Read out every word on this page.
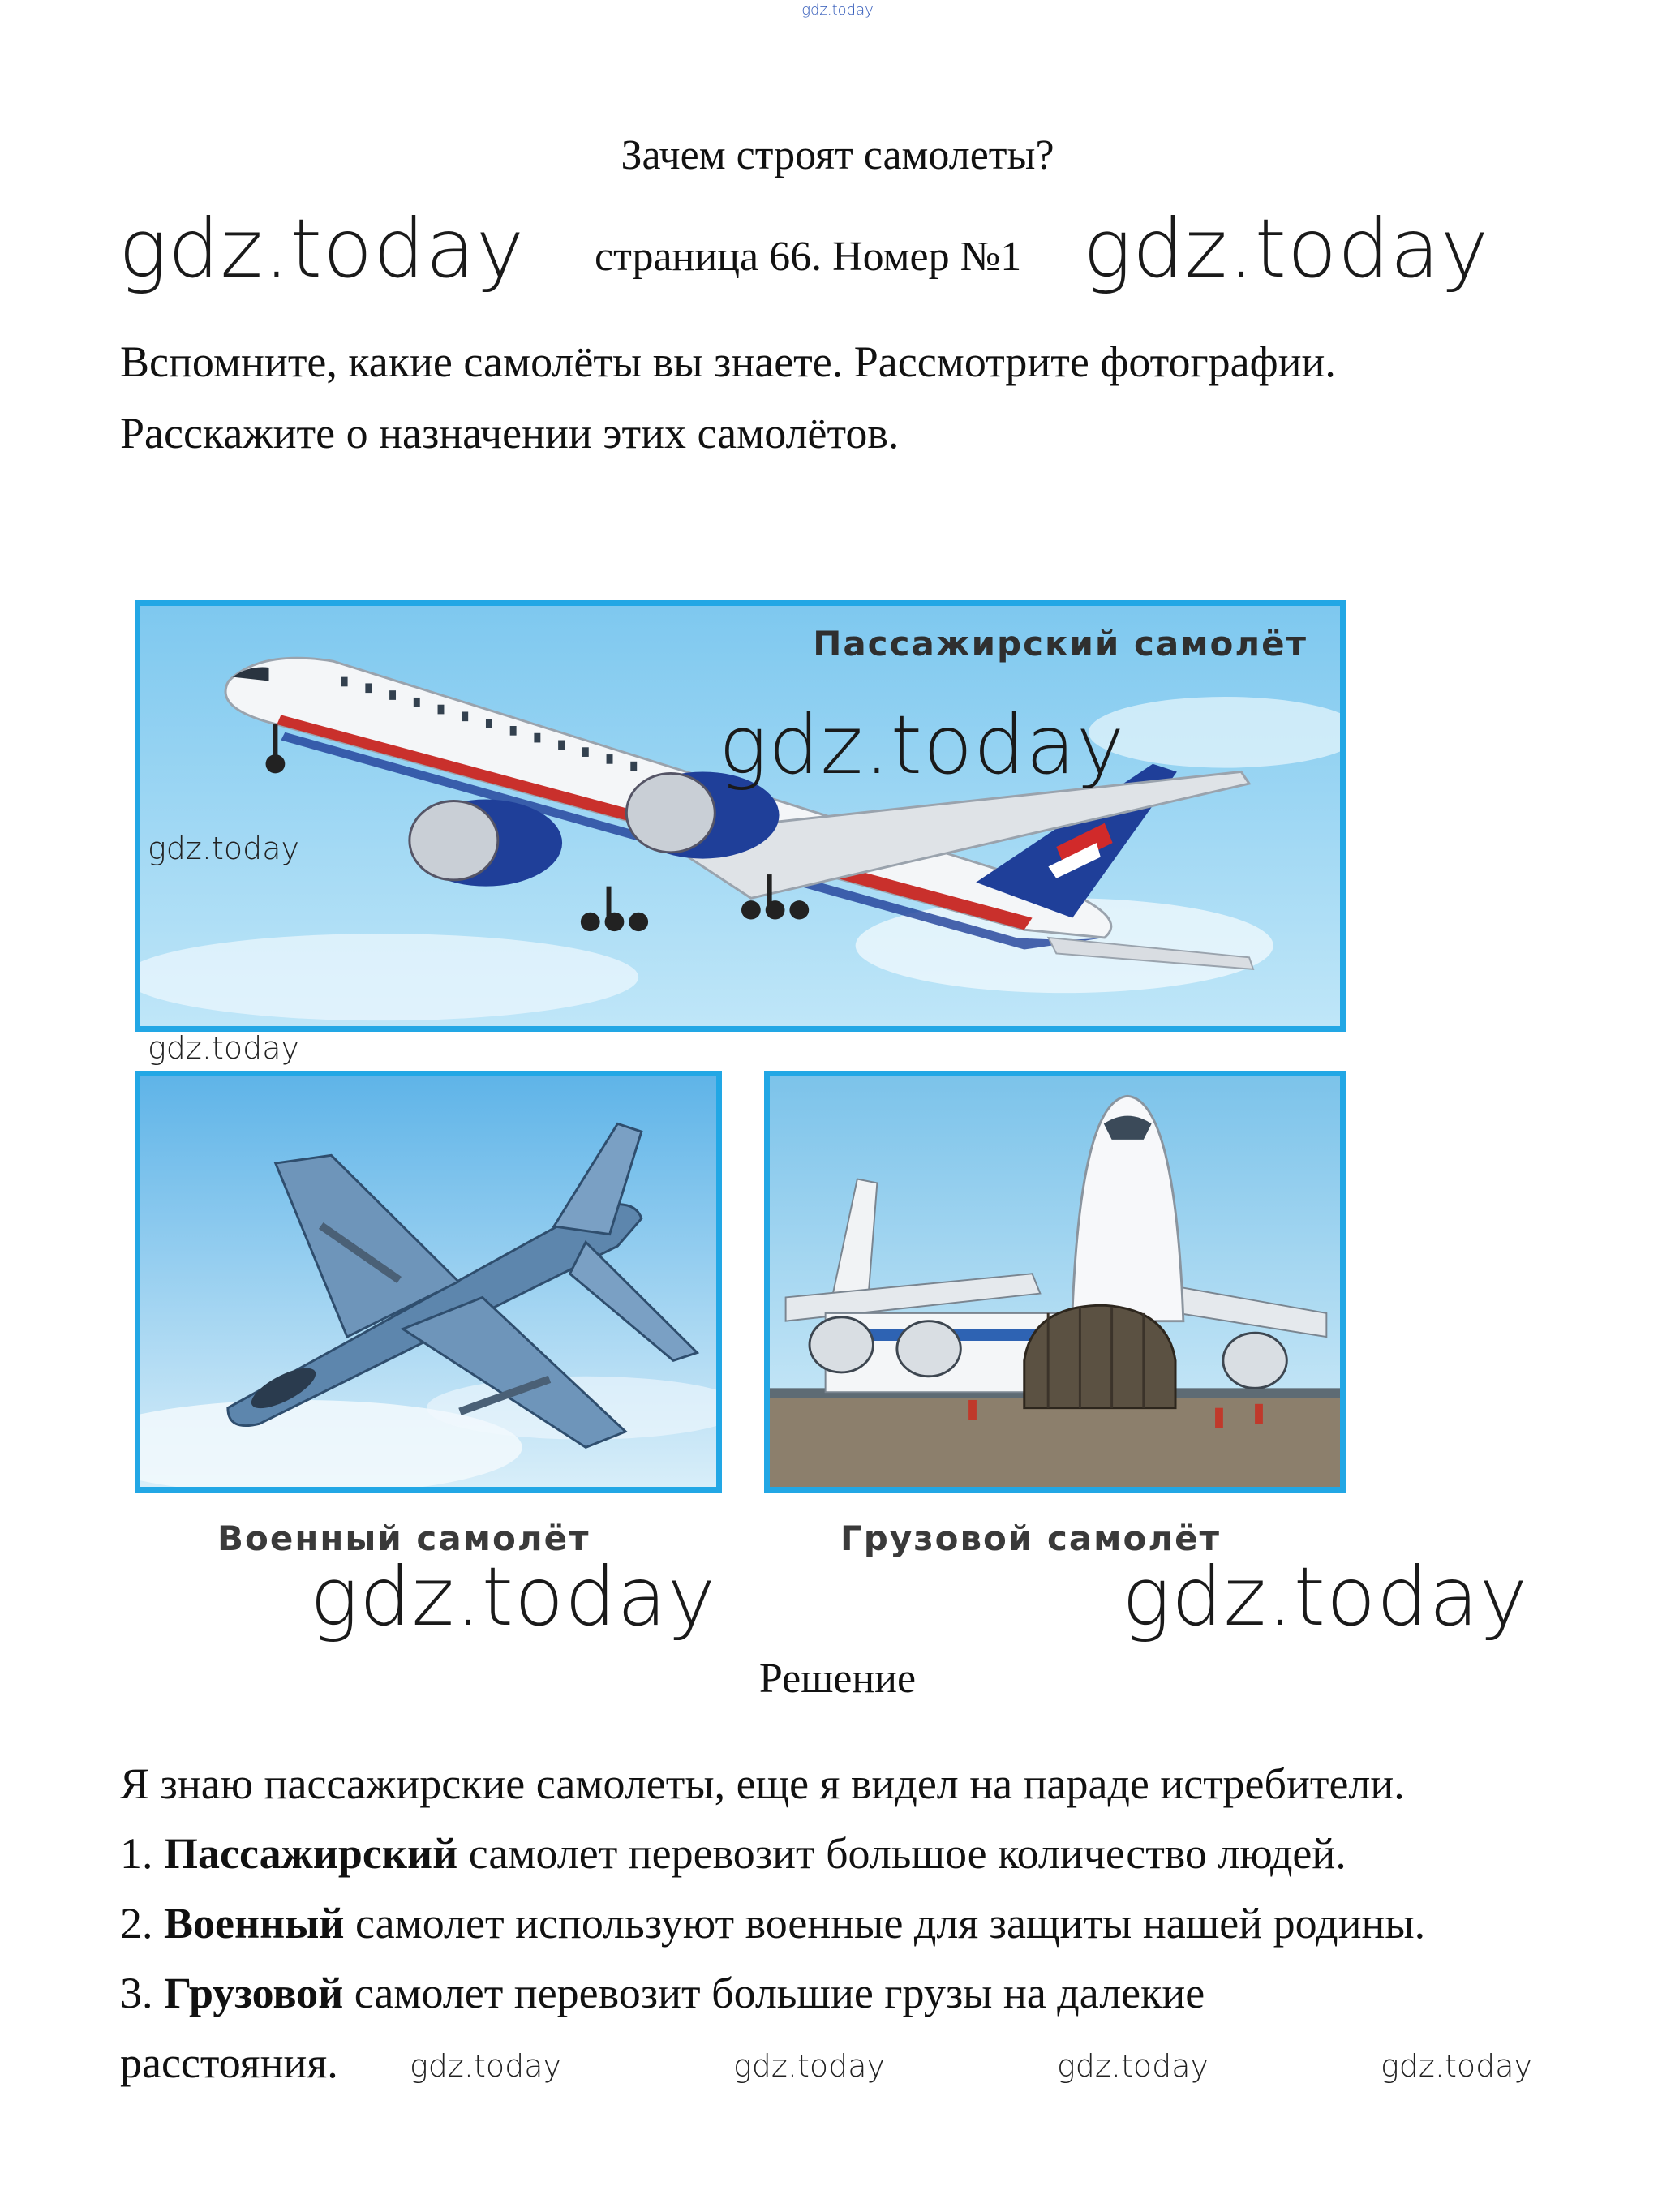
gdz.today
gdz.today	gdz.today
Зачем строят самолеты?
страница 66. Номер №1
Вспомните, какие самолёты вы знаете. Рассмотрите фотографии.
Расскажите о назначении этих самолётов.
Пассажирский самолёт
gdz.today
gdz.today
gdz.today
Военный самолёт	Грузовой самолёт
gdz.today	gdz.today
Решение
Я знаю пассажирские самолеты, еще я видел на параде истребители.
1. Пассажирский самолет перевозит большое количество людей.
2. Военный самолет используют военные для защиты нашей родины.
3. Грузовой самолет перевозит большие грузы на далекие
расстояния. gdz.today	gdz.today	gdz.today	gdz.today
